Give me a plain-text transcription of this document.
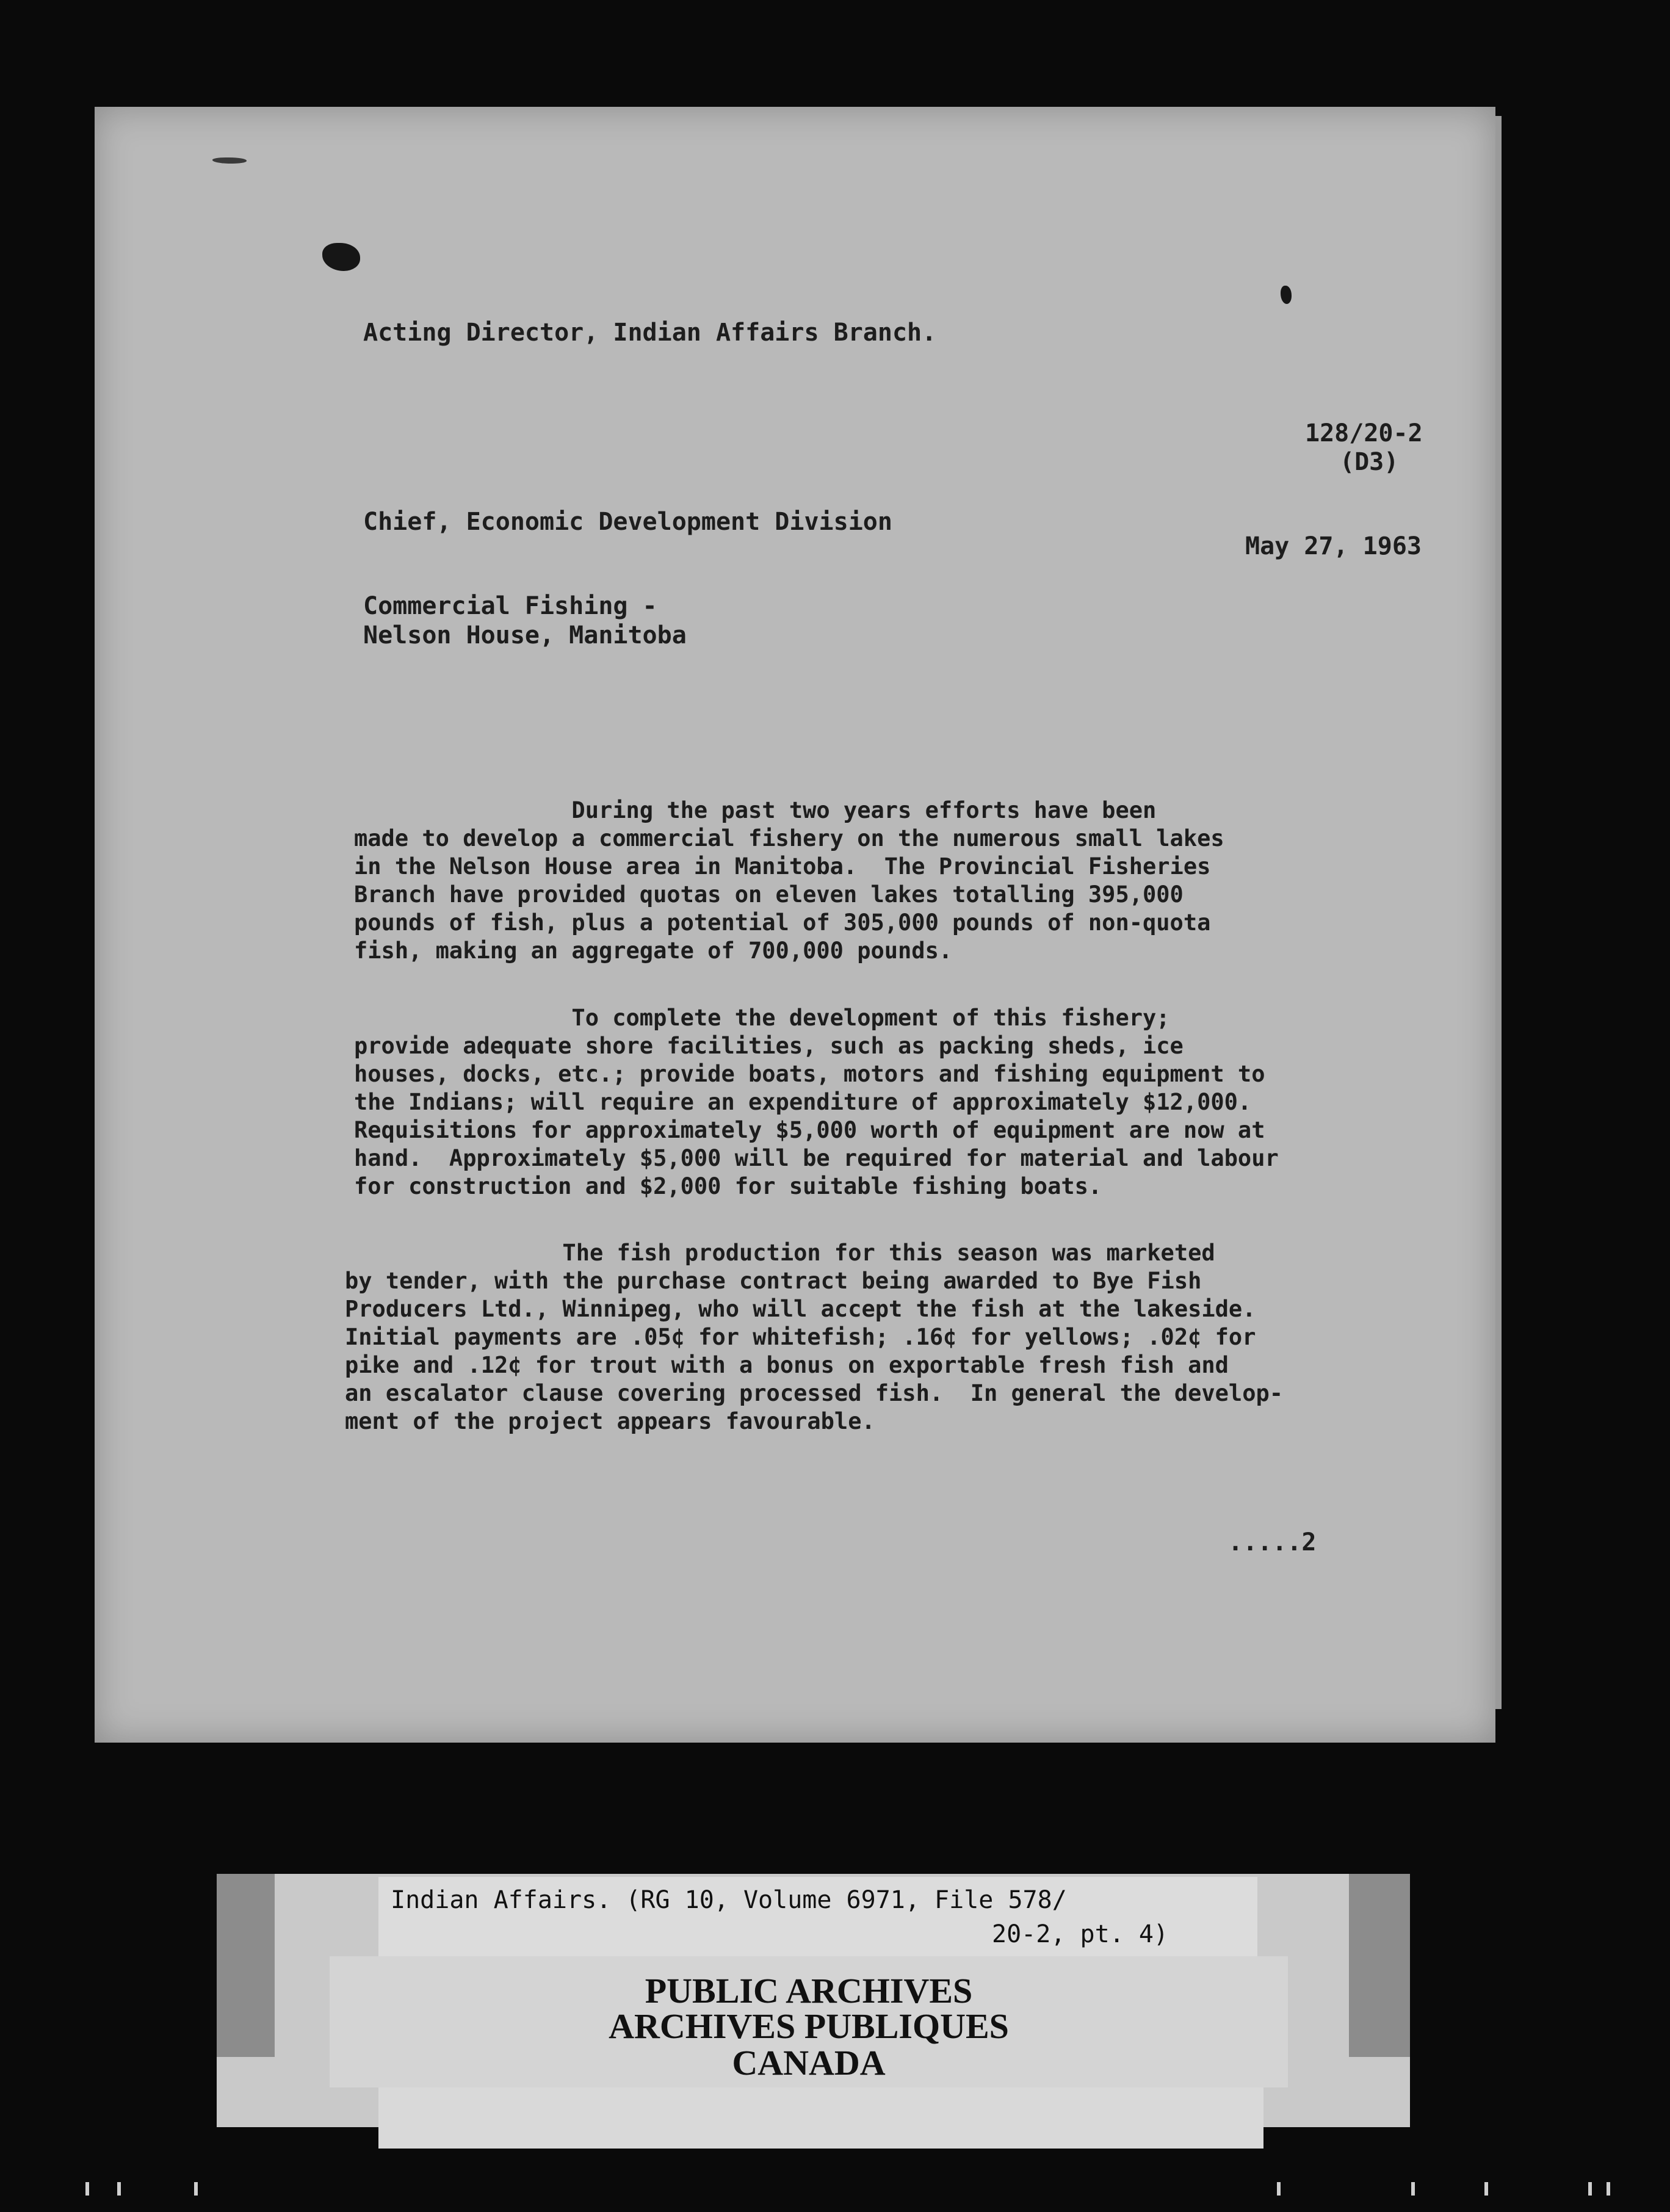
Acting Director, Indian Affairs Branch.
128/20-2
(D3)
Chief, Economic Development Division
May 27, 1963
Commercial Fishing -
Nelson House, Manitoba
During the past two years efforts have been
made to develop a commercial fishery on the numerous small lakes
in the Nelson House area in Manitoba.  The Provincial Fisheries
Branch have provided quotas on eleven lakes totalling 395,000
pounds of fish, plus a potential of 305,000 pounds of non-quota
fish, making an aggregate of 700,000 pounds.
To complete the development of this fishery;
provide adequate shore facilities, such as packing sheds, ice
houses, docks, etc.; provide boats, motors and fishing equipment to
the Indians; will require an expenditure of approximately $12,000.
Requisitions for approximately $5,000 worth of equipment are now at
hand.  Approximately $5,000 will be required for material and labour
for construction and $2,000 for suitable fishing boats.
The fish production for this season was marketed
by tender, with the purchase contract being awarded to Bye Fish
Producers Ltd., Winnipeg, who will accept the fish at the lakeside.
Initial payments are .05¢ for whitefish; .16¢ for yellows; .02¢ for
pike and .12¢ for trout with a bonus on exportable fresh fish and
an escalator clause covering processed fish.  In general the develop-
ment of the project appears favourable.
.....2
Indian Affairs. (RG 10, Volume 6971, File 578/
20-2, pt. 4)
PUBLIC ARCHIVES
ARCHIVES PUBLIQUES
CANADA
